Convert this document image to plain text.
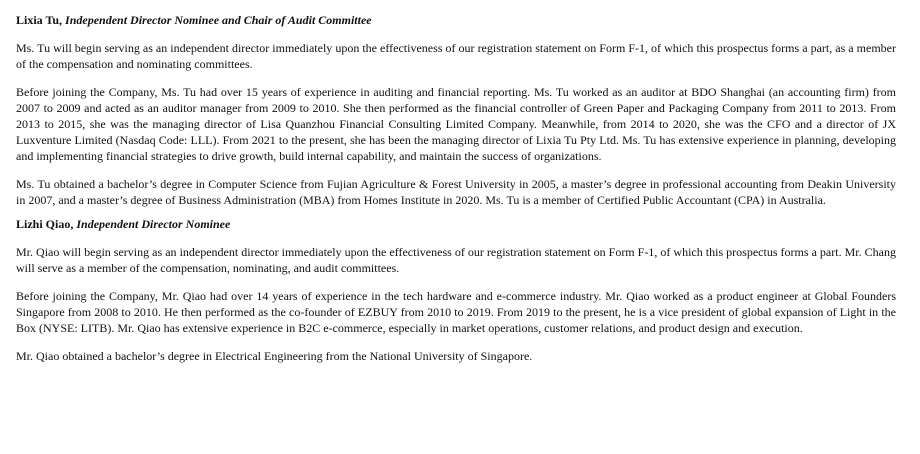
Lixia Tu, Independent Director Nominee and Chair of Audit Committee

Ms. Tu will begin serving as an independent director immediately upon the effectiveness of our registration statement on Form F-1, of which this prospectus forms a part, as a member of the compensation and nominating committees.

Before joining the Company, Ms. Tu had over 15 years of experience in auditing and financial reporting. Ms. Tu worked as an auditor at BDO Shanghai (an accounting firm) from 2007 to 2009 and acted as an auditor manager from 2009 to 2010. She then performed as the financial controller of Green Paper and Packaging Company from 2011 to 2013. From 2013 to 2015, she was the managing director of Lisa Quanzhou Financial Consulting Limited Company. Meanwhile, from 2014 to 2020, she was the CFO and a director of JX Luxventure Limited (Nasdaq Code: LLL). From 2021 to the present, she has been the managing director of Lixia Tu Pty Ltd. Ms. Tu has extensive experience in planning, developing and implementing financial strategies to drive growth, build internal capability, and maintain the success of organizations.

Ms. Tu obtained a bachelor’s degree in Computer Science from Fujian Agriculture & Forest University in 2005, a master’s degree in professional accounting from Deakin University in 2007, and a master’s degree of Business Administration (MBA) from Homes Institute in 2020. Ms. Tu is a member of Certified Public Accountant (CPA) in Australia.

Lizhi Qiao, Independent Director Nominee

Mr. Qiao will begin serving as an independent director immediately upon the effectiveness of our registration statement on Form F-1, of which this prospectus forms a part. Mr. Chang will serve as a member of the compensation, nominating, and audit committees.

Before joining the Company, Mr. Qiao had over 14 years of experience in the tech hardware and e-commerce industry. Mr. Qiao worked as a product engineer at Global Founders Singapore from 2008 to 2010. He then performed as the co-founder of EZBUY from 2010 to 2019. From 2019 to the present, he is a vice president of global expansion of Light in the Box (NYSE: LITB). Mr. Qiao has extensive experience in B2C e-commerce, especially in market operations, customer relations, and product design and execution.

Mr. Qiao obtained a bachelor’s degree in Electrical Engineering from the National University of Singapore.
